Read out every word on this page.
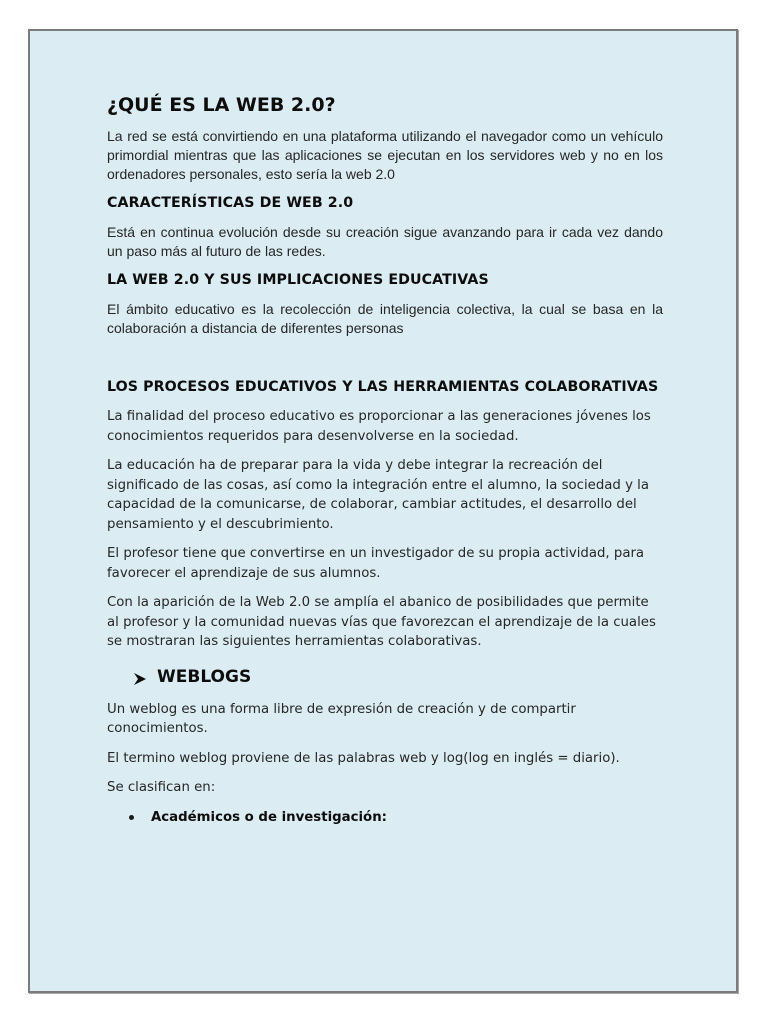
¿QUÉ ES LA WEB 2.0?

La red se está convirtiendo en una plataforma utilizando el navegador como un vehículo primordial mientras que las aplicaciones se ejecutan en los servidores web y no en los ordenadores personales, esto sería la web 2.0

CARACTERÍSTICAS DE WEB 2.0

Está en continua evolución desde su creación sigue avanzando para ir cada vez dando un paso más al futuro de las redes.

LA WEB 2.0 Y SUS IMPLICACIONES EDUCATIVAS

El ámbito educativo es la recolección de inteligencia colectiva, la cual se basa en la colaboración a distancia de diferentes personas

LOS PROCESOS EDUCATIVOS Y LAS HERRAMIENTAS COLABORATIVAS

La finalidad del proceso educativo es proporcionar a las generaciones jóvenes los conocimientos requeridos para desenvolverse en la sociedad.

La educación ha de preparar para la vida y debe integrar la recreación del significado de las cosas, así como la integración entre el alumno, la sociedad y la capacidad de la comunicarse, de colaborar, cambiar actitudes, el desarrollo del pensamiento y el descubrimiento.

El profesor tiene que convertirse en un investigador de su propia actividad, para favorecer el aprendizaje de sus alumnos.

Con la aparición de la Web 2.0 se amplía el abanico de posibilidades que permite al profesor y la comunidad nuevas vías que favorezcan el aprendizaje de la cuales se mostraran las siguientes herramientas colaborativas.

WEBLOGS

Un weblog es una forma libre de expresión de creación y de compartir conocimientos.

El termino weblog proviene de las palabras web y log(log en inglés = diario).

Se clasifican en:

Académicos o de investigación:
